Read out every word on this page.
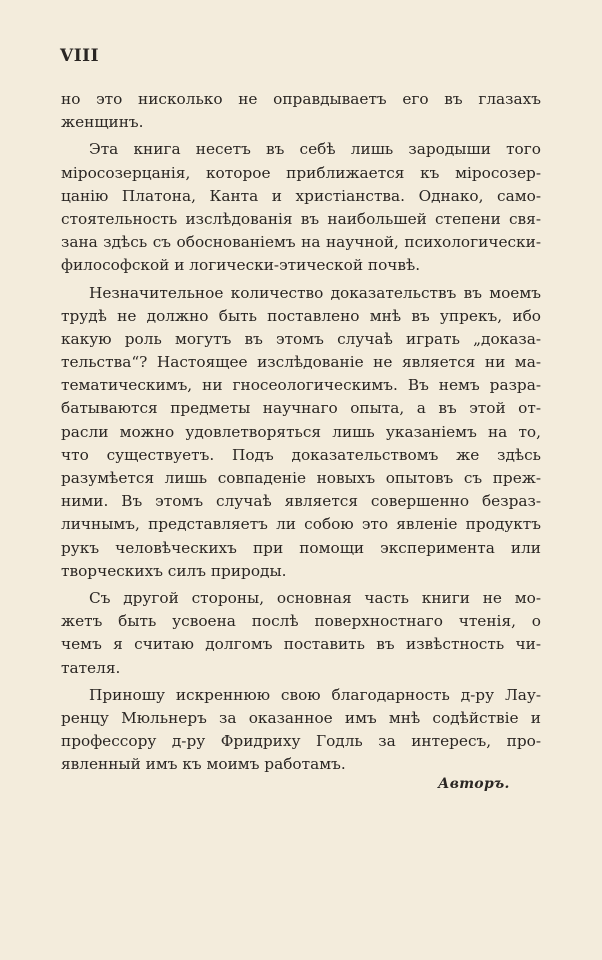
VIII
но это нисколько не оправдываетъ его въ глазахъ
женщинъ.
Эта книга несетъ въ себѣ лишь зародыши того
міросозерцанія, которое приближается къ міросозер-
цанію Платона, Канта и христіанства. Однако, само-
стоятельность изслѣдованія въ наибольшей степени свя-
зана здѣсь съ обоснованіемъ на научной, психологически-
философской и логически-этической почвѣ.
Незначительное количество доказательствъ въ моемъ
трудѣ не должно быть поставлено мнѣ въ упрекъ, ибо
какую роль могутъ въ этомъ случаѣ играть „доказа-
тельства“? Настоящее изслѣдованіе не является ни ма-
тематическимъ, ни гносеологическимъ. Въ немъ разра-
батываются предметы научнаго опыта, а въ этой от-
расли можно удовлетворяться лишь указаніемъ на то,
что существуетъ. Подъ доказательствомъ же здѣсь
разумѣется лишь совпаденіе новыхъ опытовъ съ преж-
ними. Въ этомъ случаѣ является совершенно безраз-
личнымъ, представляетъ ли собою это явленіе продуктъ
рукъ человѣческихъ при помощи эксперимента или
творческихъ силъ природы.
Съ другой стороны, основная часть книги не мо-
жетъ быть усвоена послѣ поверхностнаго чтенія, о
чемъ я считаю долгомъ поставить въ извѣстность чи-
тателя.
Приношу искреннюю свою благодарность д-ру Лау-
ренцу Мюльнеръ за оказанное имъ мнѣ содѣйствіе и
профессору д-ру Фридриху Годль за интересъ, про-
явленный имъ къ моимъ работамъ.
Авторъ.
